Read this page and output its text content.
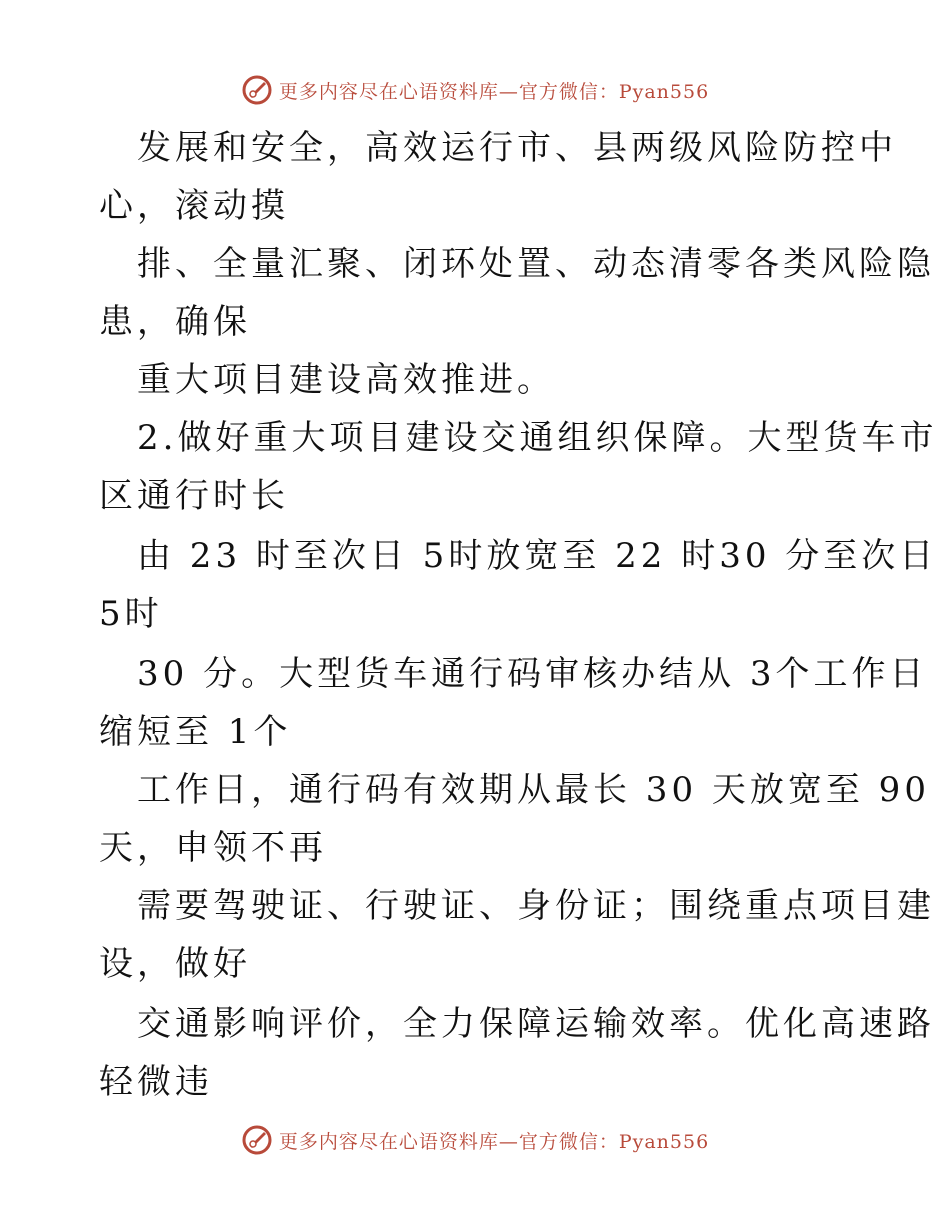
更多内容尽在心语资料库—官方微信：Pyan556
发展和安全，高效运行市、县两级风险防控中
心，滚动摸
排、全量汇聚、闭环处置、动态清零各类风险隐
患，确保
重大项目建设高效推进。
2.做好重大项目建设交通组织保障。大型货车市
区通行时长
由 23 时至次日 5时放宽至 22 时30 分至次日
5时
30 分。大型货车通行码审核办结从 3个工作日
缩短至 1个
工作日，通行码有效期从最长 30 天放宽至 90
天，申领不再
需要驾驶证、行驶证、身份证；围绕重点项目建
设，做好
交通影响评价，全力保障运输效率。优化高速路
轻微违
更多内容尽在心语资料库—官方微信：Pyan556
